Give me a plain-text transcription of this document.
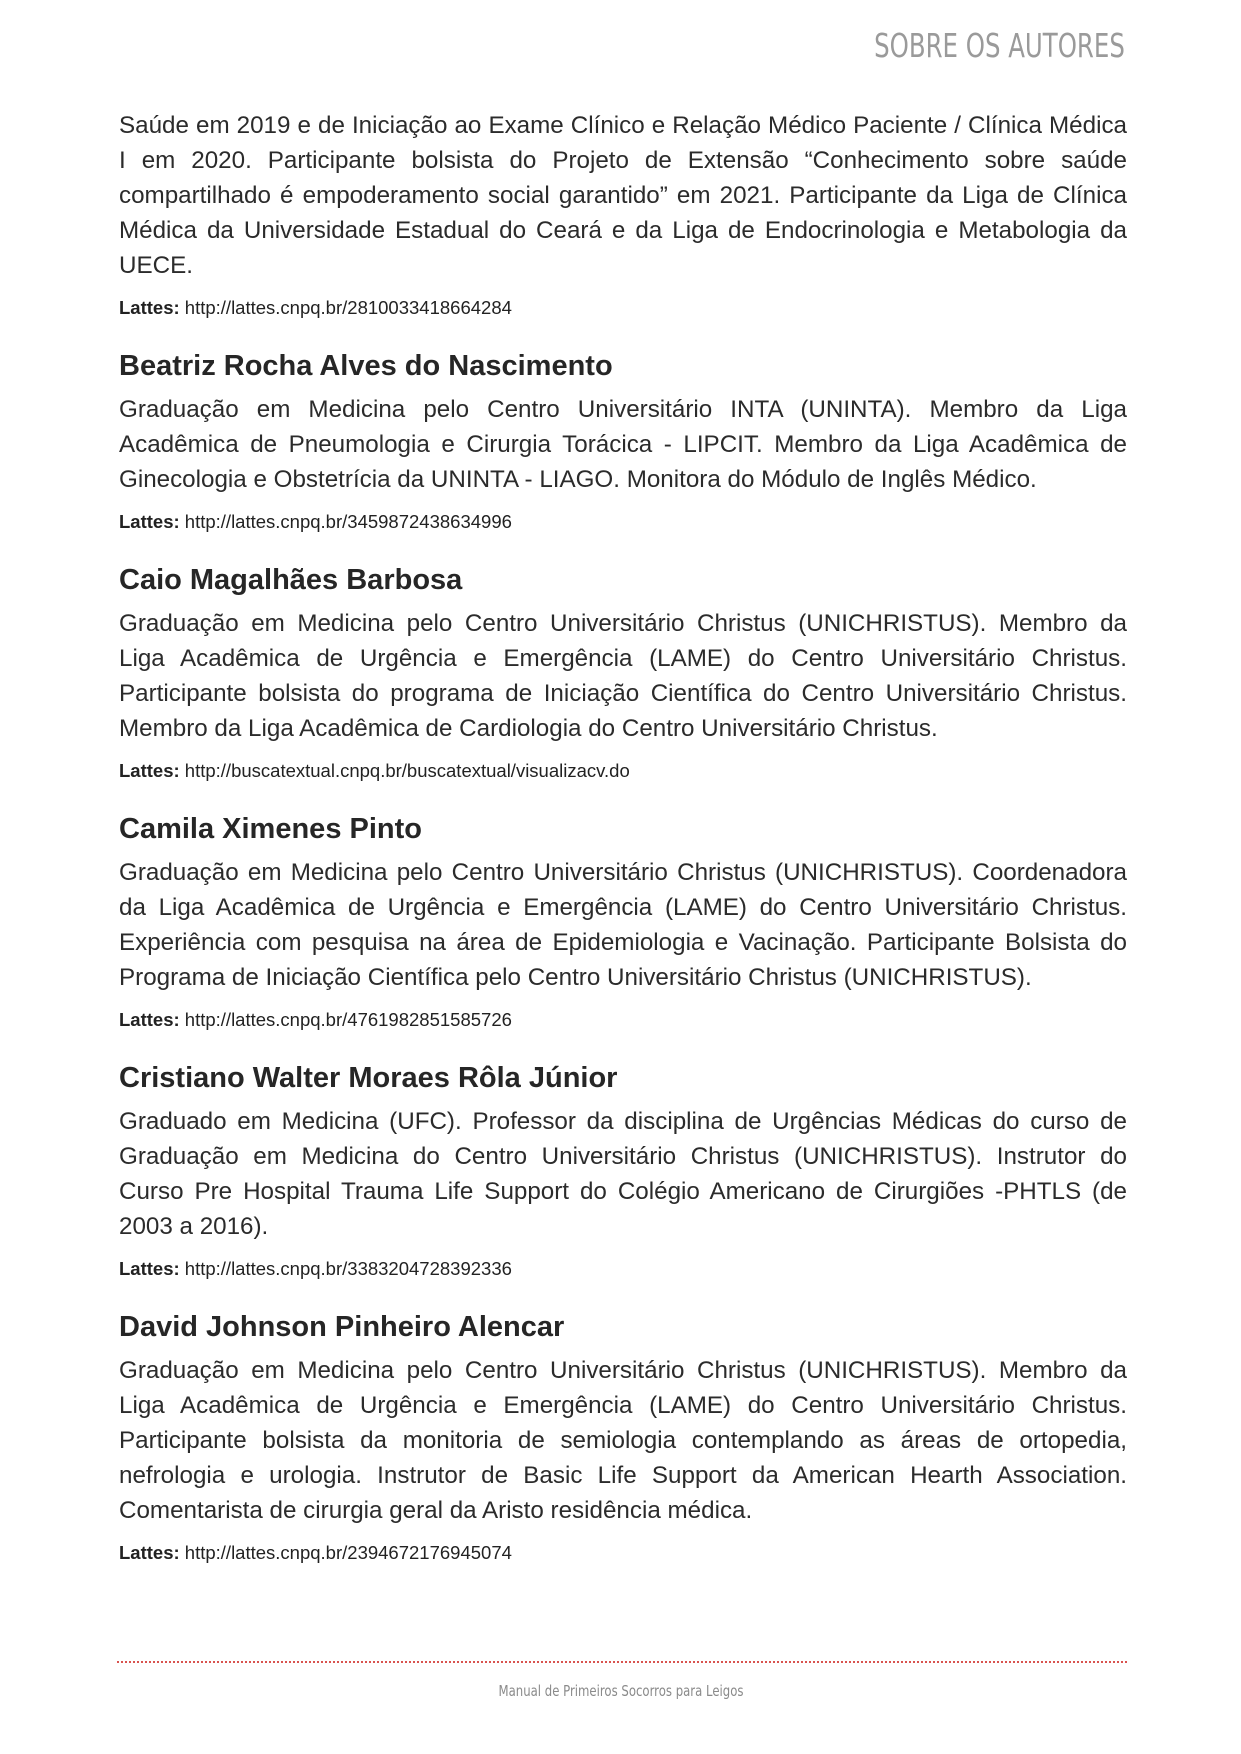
SOBRE OS AUTORES

Saúde em 2019 e de Iniciação ao Exame Clínico e Relação Médico Paciente / Clínica Médica I em 2020. Participante bolsista do Projeto de Extensão “Conhecimento sobre saúde compartilhado é empoderamento social garantido” em 2021. Participante da Liga de Clínica Médica da Universidade Estadual do Ceará e da Liga de Endocrinologia e Metabologia da UECE.

Lattes: http://lattes.cnpq.br/2810033418664284

Beatriz Rocha Alves do Nascimento

Graduação em Medicina pelo Centro Universitário INTA (UNINTA). Membro da Liga Acadêmica de Pneumologia e Cirurgia Torácica - LIPCIT. Membro da Liga Acadêmica de Ginecologia e Obstetrícia da UNINTA - LIAGO. Monitora do Módulo de Inglês Médico.

Lattes: http://lattes.cnpq.br/3459872438634996

Caio Magalhães Barbosa

Graduação em Medicina pelo Centro Universitário Christus (UNICHRISTUS). Membro da Liga Acadêmica de Urgência e Emergência (LAME) do Centro Universitário Christus. Participante bolsista do programa de Iniciação Científica do Centro Universitário Christus. Membro da Liga Acadêmica de Cardiologia do Centro Universitário Christus.

Lattes: http://buscatextual.cnpq.br/buscatextual/visualizacv.do

Camila Ximenes Pinto

Graduação em Medicina pelo Centro Universitário Christus (UNICHRISTUS). Coordenadora da Liga Acadêmica de Urgência e Emergência (LAME) do Centro Universitário Christus. Experiência com pesquisa na área de Epidemiologia e Vacinação. Participante Bolsista do Programa de Iniciação Científica pelo Centro Universitário Christus (UNICHRISTUS).

Lattes: http://lattes.cnpq.br/4761982851585726

Cristiano Walter Moraes Rôla Júnior

Graduado em Medicina (UFC). Professor da disciplina de Urgências Médicas do curso de Graduação em Medicina do Centro Universitário Christus (UNICHRISTUS). Instrutor do Curso Pre Hospital Trauma Life Support do Colégio Americano de Cirurgiões -PHTLS (de 2003 a 2016).

Lattes: http://lattes.cnpq.br/3383204728392336

David Johnson Pinheiro Alencar

Graduação em Medicina pelo Centro Universitário Christus (UNICHRISTUS). Membro da Liga Acadêmica de Urgência e Emergência (LAME) do Centro Universitário Christus. Participante bolsista da monitoria de semiologia contemplando as áreas de ortopedia, nefrologia e urologia. Instrutor de Basic Life Support da American Hearth Association. Comentarista de cirurgia geral da Aristo residência médica.

Lattes: http://lattes.cnpq.br/2394672176945074

Manual de Primeiros Socorros para Leigos
